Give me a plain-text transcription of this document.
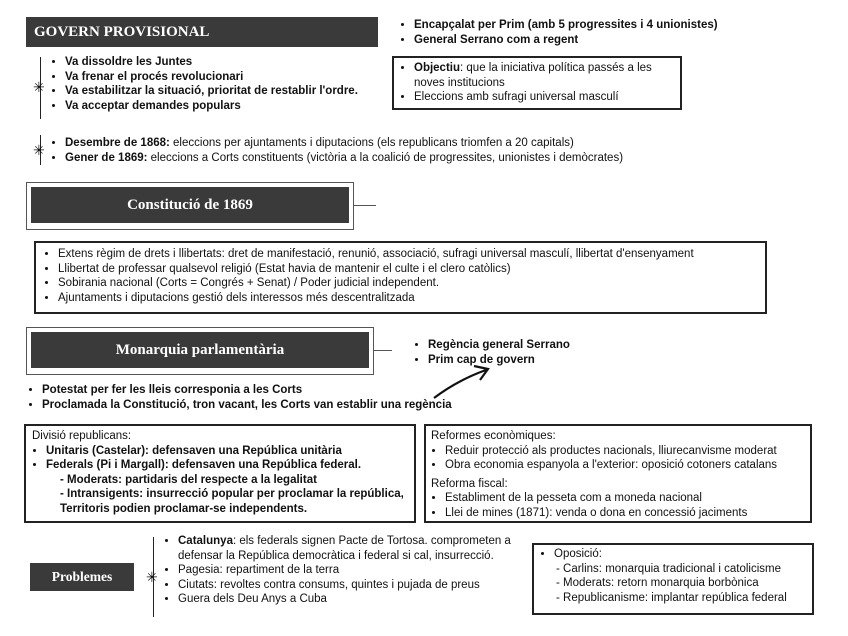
GOVERN PROVISIONAL	• Encapçalat per Prim (amb 5 progressites i 4 unionistes)
• General Serrano com a regent
✳
• Va dissoldre les Juntes
• Va frenar el procés revolucionari
• Va estabilitzar la situació, prioritat de restablir l'ordre.
• Va acceptar demandes populars
• Objectiu: que la iniciativa política passés a les noves institucions
• Eleccions amb sufragi universal masculí
✳ • Desembre de 1868: eleccions per ajuntaments i diputacions (els republicans triomfen a 20 capitals)
• Gener de 1869: eleccions a Corts constituents (victòria a la coalició de progressites, unionistes i demòcrates)
Constitució de 1869
• Extens règim de drets i llibertats: dret de manifestació, renunió, associació, sufragi universal masculí, llibertat d'ensenyament
• Llibertat de professar qualsevol religió (Estat havia de mantenir el culte i el clero catòlics)
• Sobirania nacional (Corts = Congrés + Senat) / Poder judicial independent.
• Ajuntaments i diputacions gestió dels interessos més descentralitzada
Monarquia parlamentària	• Regència general Serrano
• Prim cap de govern
• Potestat per fer les lleis corresponia a les Corts
• Proclamada la Constitució, tron vacant, les Corts van establir una regència
Divisió republicans:
• Unitaris (Castelar): defensaven una República unitària
• Federals (Pi i Margall): defensaven una República federal.
- Moderats: partidaris del respecte a la legalitat
- Intransigents: insurrecció popular per proclamar la república, Territoris podien proclamar-se independents.
Reformes econòmiques:
• Reduir protecció als productes nacionals, lliurecanvisme moderat
• Obra economia espanyola a l'exterior: oposició cotoners catalans
Reforma fiscal:
• Establiment de la pesseta com a moneda nacional
• Llei de mines (1871): venda o dona en concessió jaciments
Problemes	✳
• Catalunya: els federals signen Pacte de Tortosa. comprometen a defensar la República democràtica i federal si cal, insurrecció.
• Pagesia: repartiment de la terra
• Ciutats: revoltes contra consums, quintes i pujada de preus
• Guera dels Deu Anys a Cuba
• Oposició:
- Carlins: monarquia tradicional i catolicisme
- Moderats: retorn monarquia borbònica
- Republicanisme: implantar república federal
